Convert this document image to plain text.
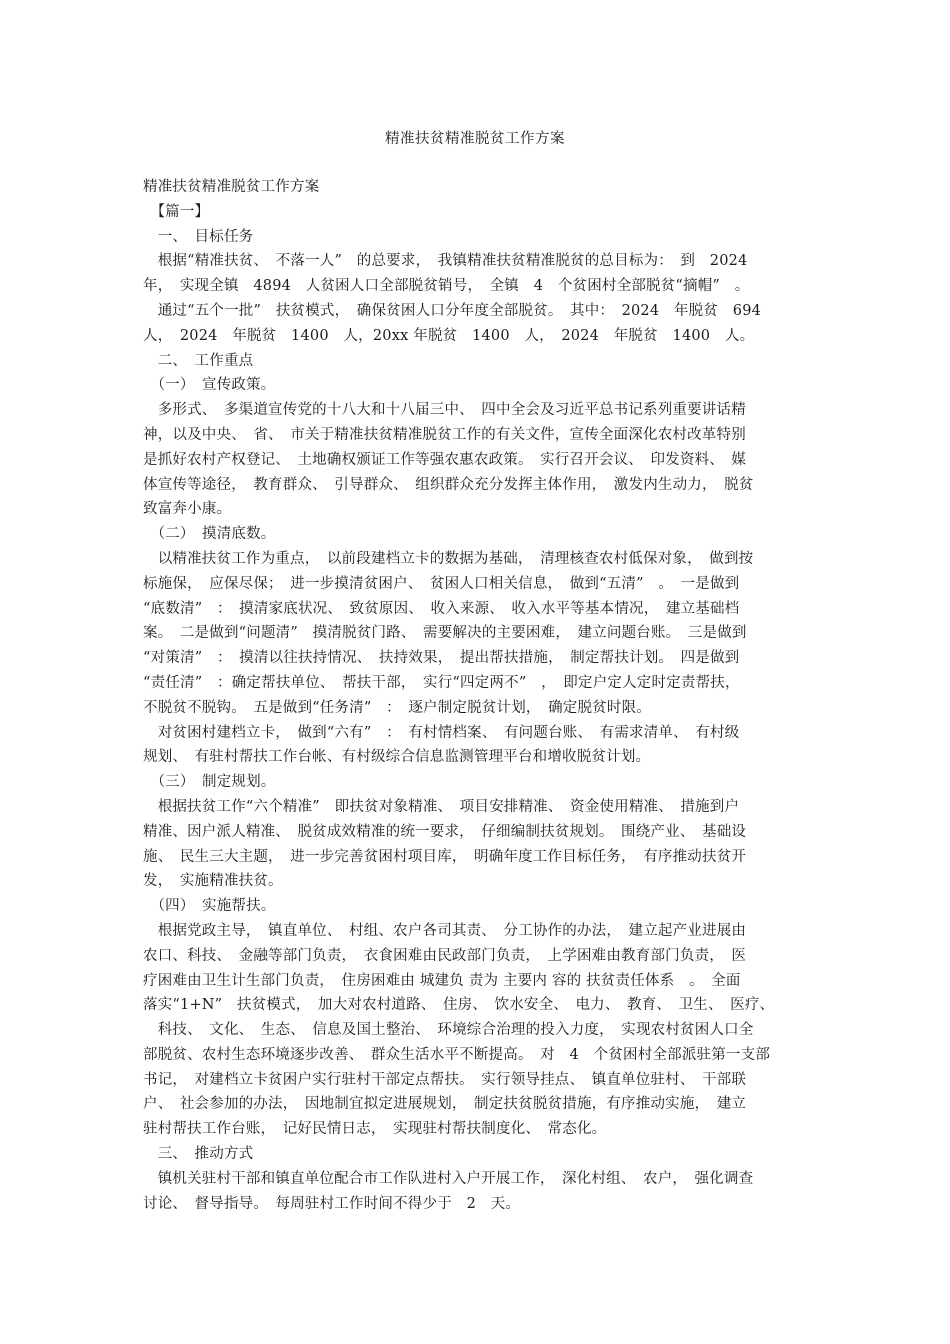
精准扶贫精准脱贫工作方案
精准扶贫精准脱贫工作方案
　【篇一】
　一、　目标任务
　根据“精准扶贫、　不落一人”　的总要求，　我镇精准扶贫精准脱贫的总目标为：　到　2024
年，　实现全镇　4894　人贫困人口全部脱贫销号，　全镇　4　个贫困村全部脱贫“摘帽”　。
　通过“五个一批”　扶贫模式，　确保贫困人口分年度全部脱贫。　其中：　2024　年脱贫　694
人，　2024　年脱贫　1400　人，20xx 年脱贫　1400　人，　2024　年脱贫　1400　人。
　二、　工作重点
　（一）　宣传政策。
　多形式、　多渠道宣传党的十八大和十八届三中、　四中全会及习近平总书记系列重要讲话精
神，以及中央、　省、　市关于精准扶贫精准脱贫工作的有关文件，宣传全面深化农村改革特别
是抓好农村产权登记、　土地确权颁证工作等强农惠农政策。　实行召开会议、　印发资料、　媒
体宣传等途径，　教育群众、　引导群众、　组织群众充分发挥主体作用，　激发内生动力，　脱贫
致富奔小康。
　（二）　摸清底数。
　以精准扶贫工作为重点，　以前段建档立卡的数据为基础，　清理核查农村低保对象，　做到按
标施保，　应保尽保；　进一步摸清贫困户、　贫困人口相关信息，　做到“五清”　。　一是做到
“底数清”　：　摸清家底状况、　致贫原因、　收入来源、　收入水平等基本情况，　建立基础档
案。　二是做到“问题清”　摸清脱贫门路、　需要解决的主要困难，　建立问题台账。　三是做到
“对策清”　：　摸清以往扶持情况、　扶持效果，　提出帮扶措施，　制定帮扶计划。　四是做到
“责任清”　：确定帮扶单位、　帮扶干部，　实行“四定两不”　，　即定户定人定时定责帮扶，
不脱贫不脱钩。　五是做到“任务清”　：　逐户制定脱贫计划，　确定脱贫时限。
　对贫困村建档立卡，　做到“六有”　：　有村情档案、　有问题台账、　有需求清单、　有村级
规划、　有驻村帮扶工作台帐、有村级综合信息监测管理平台和增收脱贫计划。
　（三）　制定规划。
　根据扶贫工作“六个精准”　即扶贫对象精准、　项目安排精准、　资金使用精准、　措施到户
精准、因户派人精准、　脱贫成效精准的统一要求，　仔细编制扶贫规划。　围绕产业、　基础设
施、　民生三大主题，　进一步完善贫困村项目库，　明确年度工作目标任务，　有序推动扶贫开
发，　实施精准扶贫。
　（四）　实施帮扶。
　根据党政主导，　镇直单位、　村组、农户各司其责、　分工协作的办法，　建立起产业进展由
农口、科技、　金融等部门负责，　衣食困难由民政部门负责，　上学困难由教育部门负责，　医
疗困难由卫生计生部门负责，　住房困难由 城建负 责为 主要内 容的 扶贫责任体系　。　全面
落实“1+N”　扶贫模式，　加大对农村道路、　住房、　饮水安全、　电力、　教育、　卫生、　医疗、
　科技、　文化、　生态、　信息及国土整治、　环境综合治理的投入力度，　实现农村贫困人口全
部脱贫、农村生态环境逐步改善、　群众生活水平不断提高。　对　4　个贫困村全部派驻第一支部
书记，　对建档立卡贫困户实行驻村干部定点帮扶。　实行领导挂点、　镇直单位驻村、　干部联
户、　社会参加的办法，　因地制宜拟定进展规划，　制定扶贫脱贫措施，有序推动实施，　建立
驻村帮扶工作台账，　记好民情日志，　实现驻村帮扶制度化、　常态化。
　三、　推动方式
　镇机关驻村干部和镇直单位配合市工作队进村入户开展工作，　深化村组、　农户，　强化调查
讨论、　督导指导。　每周驻村工作时间不得少于　2　天。
